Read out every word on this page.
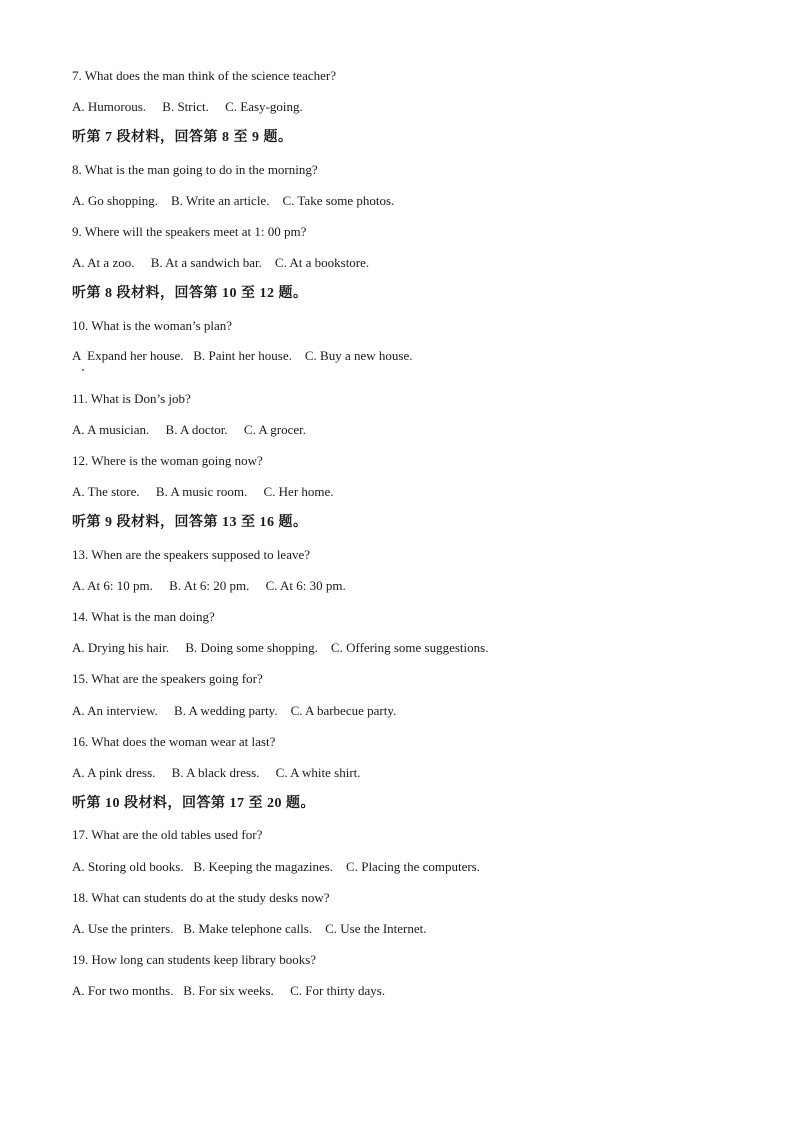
7. What does the man think of the science teacher?
A. Humorous.     B. Strict.     C. Easy-going.
听第 7 段材料，回答第 8 至 9 题。
8. What is the man going to do in the morning?
A. Go shopping.    B. Write an article.    C. Take some photos.
9. Where will the speakers meet at 1: 00 pm?
A. At a zoo.     B. At a sandwich bar.    C. At a bookstore.
听第 8 段材料，回答第 10 至 12 题。
10. What is the woman’s plan?
A  Expand her house.   B. Paint her house.    C. Buy a new house.
11. What is Don’s job?
A. A musician.     B. A doctor.     C. A grocer.
12. Where is the woman going now?
A. The store.     B. A music room.     C. Her home.
听第 9 段材料，回答第 13 至 16 题。
13. When are the speakers supposed to leave?
A. At 6: 10 pm.     B. At 6: 20 pm.     C. At 6: 30 pm.
14. What is the man doing?
A. Drying his hair.     B. Doing some shopping.    C. Offering some suggestions.
15. What are the speakers going for?
A. An interview.     B. A wedding party.    C. A barbecue party.
16. What does the woman wear at last?
A. A pink dress.     B. A black dress.     C. A white shirt.
听第 10 段材料，回答第 17 至 20 题。
17. What are the old tables used for?
A. Storing old books.   B. Keeping the magazines.    C. Placing the computers.
18. What can students do at the study desks now?
A. Use the printers.   B. Make telephone calls.    C. Use the Internet.
19. How long can students keep library books?
A. For two months.   B. For six weeks.     C. For thirty days.
